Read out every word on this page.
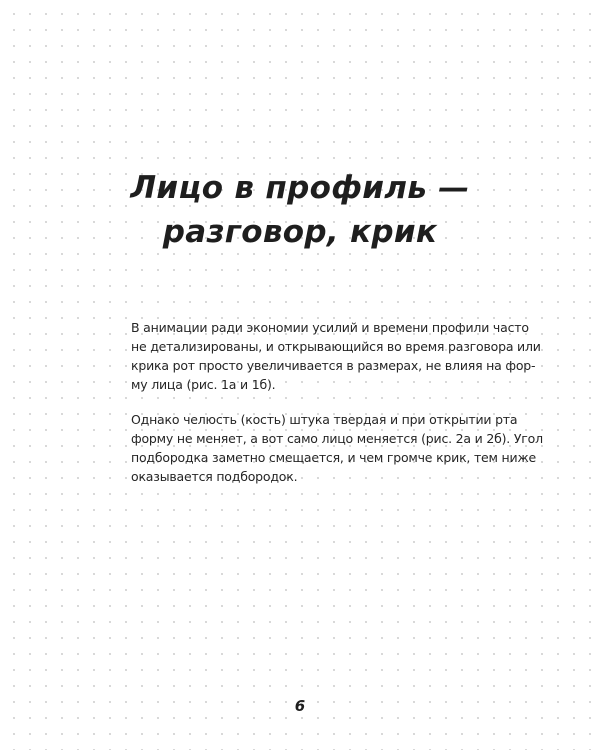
Лицо в профиль —
разговор, крик

В анимации ради экономии усилий и времени профили часто
не детализированы, и открывающийся во время разговора или
крика рот просто увеличивается в размерах, не влияя на фор-
му лица (рис. 1а и 1б).

Однако челюсть (кость) штука твердая и при открытии рта
форму не меняет, а вот само лицо меняется (рис. 2а и 2б). Угол
подбородка заметно смещается, и чем громче крик, тем ниже
оказывается подбородок.

6
